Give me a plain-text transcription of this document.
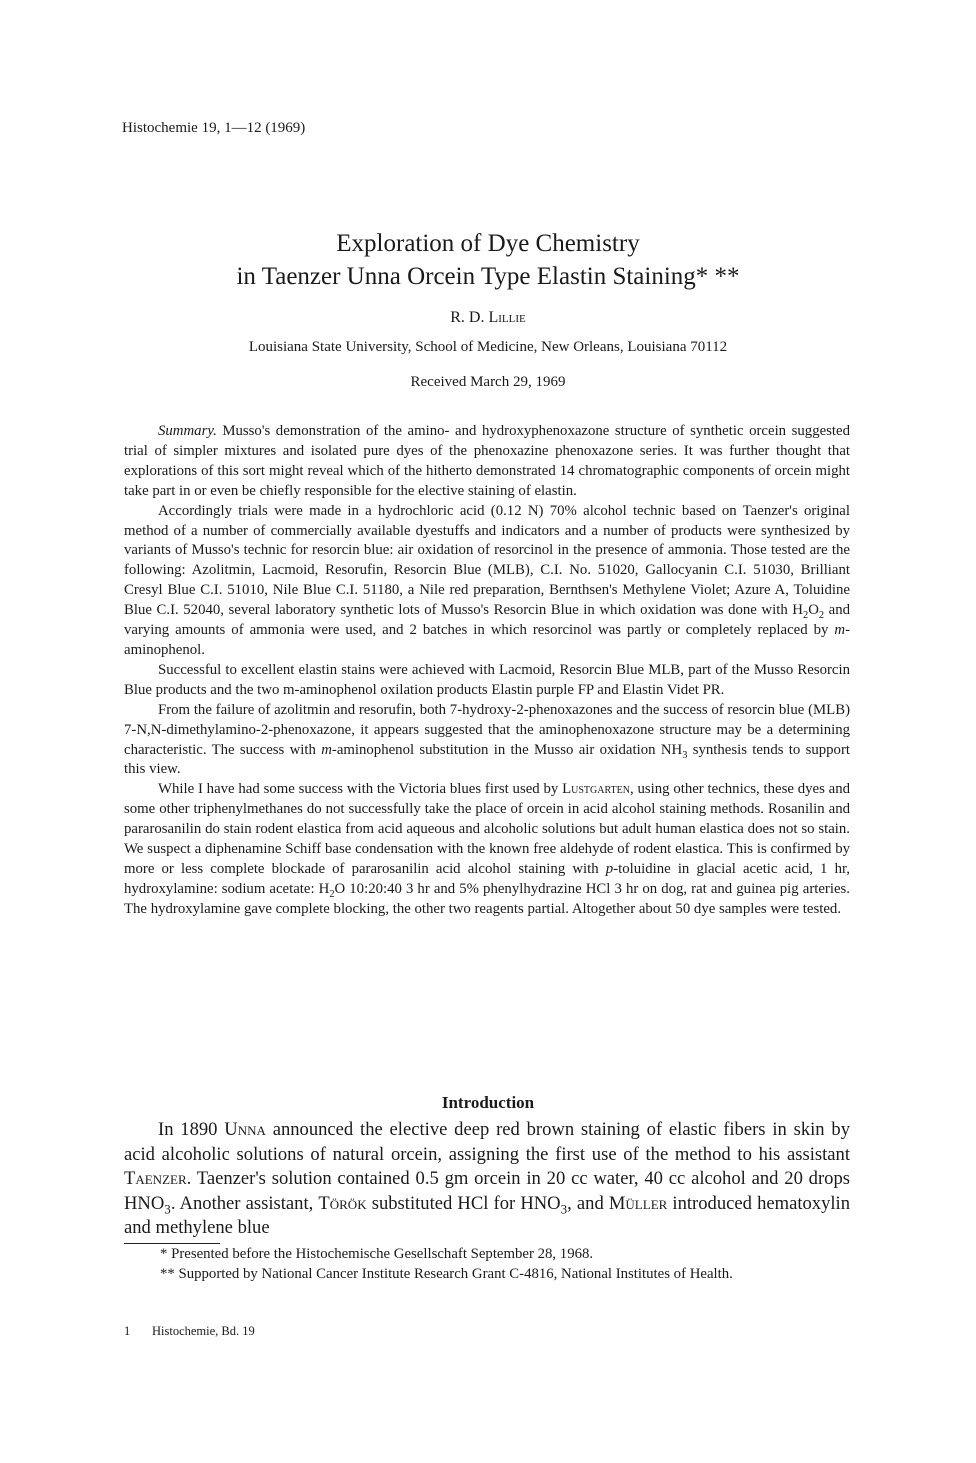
Histochemie 19, 1—12 (1969)
Exploration of Dye Chemistry
in Taenzer Unna Orcein Type Elastin Staining* **
R. D. Lillie
Louisiana State University, School of Medicine, New Orleans, Louisiana 70112
Received March 29, 1969

Summary. Musso's demonstration of the amino- and hydroxyphenoxazone structure of synthetic orcein suggested trial of simpler mixtures and isolated pure dyes of the phenoxazine phenoxazone series. It was further thought that explorations of this sort might reveal which of the hitherto demonstrated 14 chromatographic components of orcein might take part in or even be chiefly responsible for the elective staining of elastin.

Accordingly trials were made in a hydrochloric acid (0.12 N) 70% alcohol technic based on Taenzer's original method of a number of commercially available dyestuffs and indicators and a number of products were synthesized by variants of Musso's technic for resorcin blue: air oxidation of resorcinol in the presence of ammonia. Those tested are the following: Azolitmin, Lacmoid, Resorufin, Resorcin Blue (MLB), C.I. No. 51020, Gallocyanin C.I. 51030, Brilliant Cresyl Blue C.I. 51010, Nile Blue C.I. 51180, a Nile red preparation, Bernthsen's Methylene Violet; Azure A, Toluidine Blue C.I. 52040, several laboratory synthetic lots of Musso's Resorcin Blue in which oxidation was done with $H_2O_2$ and varying amounts of ammonia were used, and 2 batches in which resorcinol was partly or completely replaced by m-aminophenol.

Successful to excellent elastin stains were achieved with Lacmoid, Resorcin Blue MLB, part of the Musso Resorcin Blue products and the two m-aminophenol oxilation products Elastin purple FP and Elastin Videt PR.

From the failure of azolitmin and resorufin, both 7-hydroxy-2-phenoxazones and the success of resorcin blue (MLB) 7-N,N-dimethylamino-2-phenoxazone, it appears suggested that the aminophenoxazone structure may be a determining characteristic. The success with m-aminophenol substitution in the Musso air oxidation $NH_3$ synthesis tends to support this view.

While I have had some success with the Victoria blues first used by Lustgarten, using other technics, these dyes and some other triphenylmethanes do not successfully take the place of orcein in acid alcohol staining methods. Rosanilin and pararosanilin do stain rodent elastica from acid aqueous and alcoholic solutions but adult human elastica does not so stain. We suspect a diphenamine Schiff base condensation with the known free aldehyde of rodent elastica. This is confirmed by more or less complete blockade of pararosanilin acid alcohol staining with p-toluidine in glacial acetic acid, 1 hr, hydroxylamine: sodium acetate: $H_2O$ 10:20:40 3 hr and 5% phenylhydrazine HCl 3 hr on dog, rat and guinea pig arteries. The hydroxylamine gave complete blocking, the other two reagents partial. Altogether about 50 dye samples were tested.

Introduction

In 1890 Unna announced the elective deep red brown staining of elastic fibers in skin by acid alcoholic solutions of natural orcein, assigning the first use of the method to his assistant Taenzer. Taenzer's solution contained 0.5 gm orcein in 20 cc water, 40 cc alcohol and 20 drops $HNO_3$. Another assistant, Török substituted HCl for $HNO_3$, and Müller introduced hematoxylin and methylene blue

* Presented before the Histochemische Gesellschaft September 28, 1968.

** Supported by National Cancer Institute Research Grant C-4816, National Institutes of Health.

1 Histochemie, Bd. 19
